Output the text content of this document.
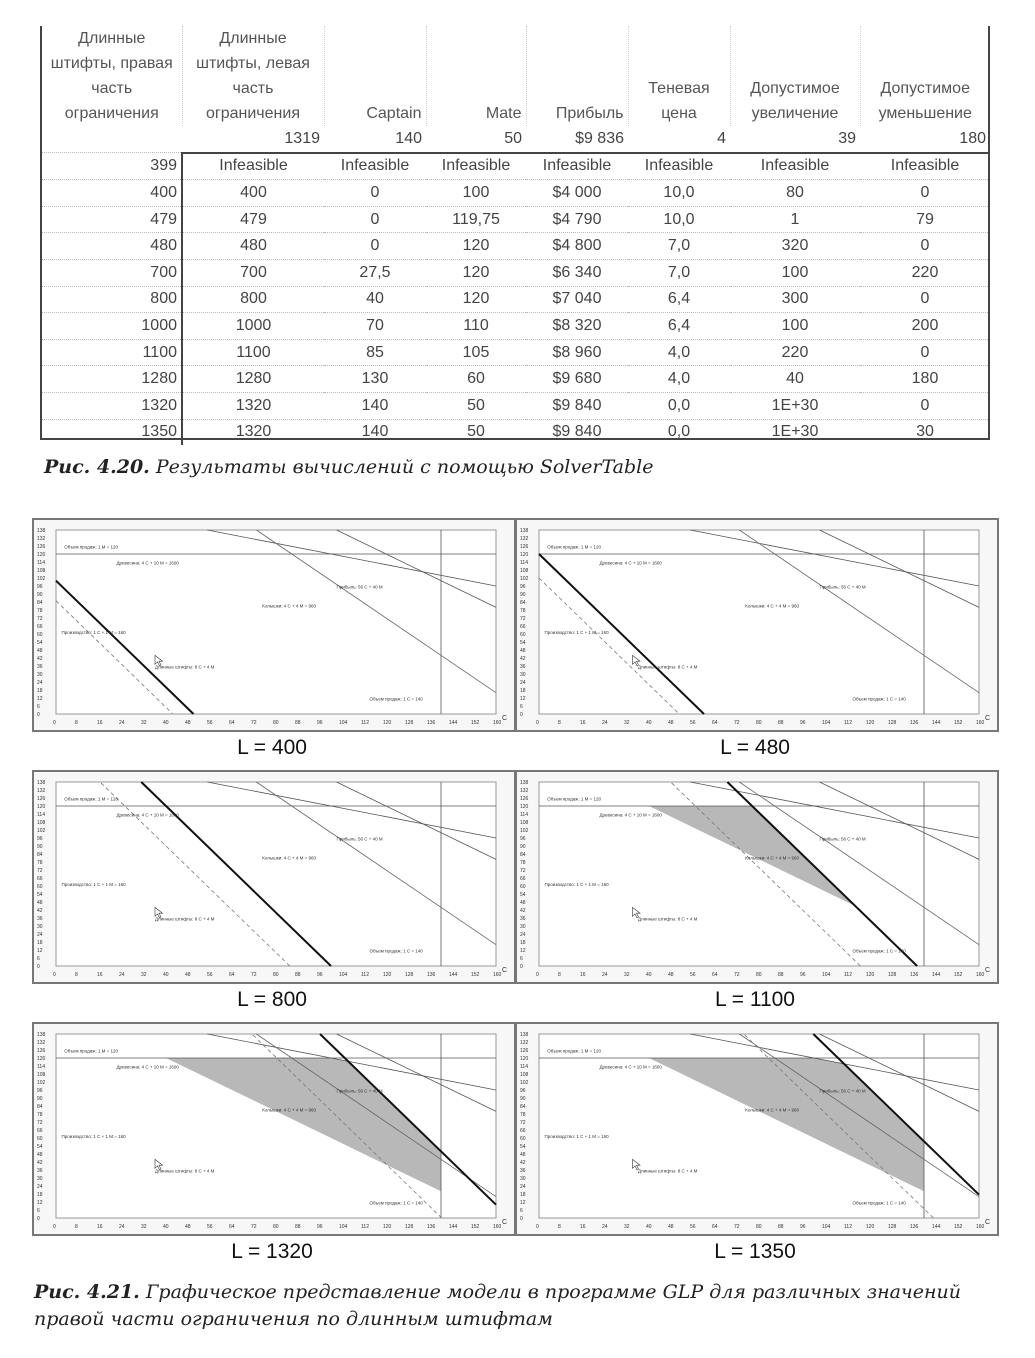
Длинные штифты, правая часть ограничения	Длинные штифты, левая часть ограничения	Captain	Mate	Прибыль	Теневая цена	Допустимое увеличение	Допустимое уменьшение
	1319	140	50	$9 836	4	39	180
399	Infeasible	Infeasible	Infeasible	Infeasible	Infeasible	Infeasible	Infeasible
400	400	0	100	$4 000	10,0	80	0
479	479	0	119,75	$4 790	10,0	1	79
480	480	0	120	$4 800	7,0	320	0
700	700	27,5	120	$6 340	7,0	100	220
800	800	40	120	$7 040	6,4	300	0
1000	1000	70	110	$8 320	6,4	100	200
1100	1100	85	105	$8 960	4,0	220	0
1280	1280	130	60	$9 680	4,0	40	180
1320	1320	140	50	$9 840	0,0	1E+30	0
1350	1320	140	50	$9 840	0,0	1E+30	30
Рис. 4.20. Результаты вычислений с помощью SolverTable
0
6
12
18
24
30
36
42
48
54
60
66
72
78
84
90
96
102
108
114
120
126
132
138
0	8	16	24	32	40	48	56	64	72	80	88	96	104	112	120	128	136	144	152	160
C
Объем продаж: 1 M = 120
Древесина: 4 C + 10 M = 1600
Прибыль: 56 C + 40 M
Колышки: 4 C + 4 M = 960
Производство: 1 C + 1 M = 160
Длинные штифты: 8 C + 4 M
Объем продаж: 1 C = 140
L = 400
0
6
12
18
24
30
36
42
48
54
60
66
72
78
84
90
96
102
108
114
120
126
132
138
0	8	16	24	32	40	48	56	64	72	80	88	96	104	112	120	128	136	144	152	160
C
Объем продаж: 1 M = 120
Древесина: 4 C + 10 M = 1600
Прибыль: 56 C + 40 M
Колышки: 4 C + 4 M = 960
Производство: 1 C + 1 M = 160
Длинные штифты: 8 C + 4 M
Объем продаж: 1 C = 140
L = 480
0
6
12
18
24
30
36
42
48
54
60
66
72
78
84
90
96
102
108
114
120
126
132
138
0	8	16	24	32	40	48	56	64	72	80	88	96	104	112	120	128	136	144	152	160
C
Объем продаж: 1 M = 120
Древесина: 4 C + 10 M = 1600
Прибыль: 56 C + 40 M
Колышки: 4 C + 4 M = 960
Производство: 1 C + 1 M = 160
Длинные штифты: 8 C + 4 M
Объем продаж: 1 C = 140
L = 800
0
6
12
18
24
30
36
42
48
54
60
66
72
78
84
90
96
102
108
114
120
126
132
138
0	8	16	24	32	40	48	56	64	72	80	88	96	104	112	120	128	136	144	152	160
C
Объем продаж: 1 M = 120
Древесина: 4 C + 10 M = 1600
Прибыль: 56 C + 40 M
Колышки: 4 C + 4 M = 960
Производство: 1 C + 1 M = 160
Длинные штифты: 8 C + 4 M
Объем продаж: 1 C = 140
L = 1100
0
6
12
18
24
30
36
42
48
54
60
66
72
78
84
90
96
102
108
114
120
126
132
138
0	8	16	24	32	40	48	56	64	72	80	88	96	104	112	120	128	136	144	152	160
C
Объем продаж: 1 M = 120
Древесина: 4 C + 10 M = 1600
Прибыль: 56 C + 40 M
Колышки: 4 C + 4 M = 960
Производство: 1 C + 1 M = 160
Длинные штифты: 8 C + 4 M
Объем продаж: 1 C = 140
L = 1320
0
6
12
18
24
30
36
42
48
54
60
66
72
78
84
90
96
102
108
114
120
126
132
138
0	8	16	24	32	40	48	56	64	72	80	88	96	104	112	120	128	136	144	152	160
C
Объем продаж: 1 M = 120
Древесина: 4 C + 10 M = 1600
Прибыль: 56 C + 40 M
Колышки: 4 C + 4 M = 960
Производство: 1 C + 1 M = 160
Длинные штифты: 8 C + 4 M
Объем продаж: 1 C = 140
L = 1350
Рис. 4.21. Графическое представление модели в программе GLP для различных значений правой части ограничения по длинным штифтам
